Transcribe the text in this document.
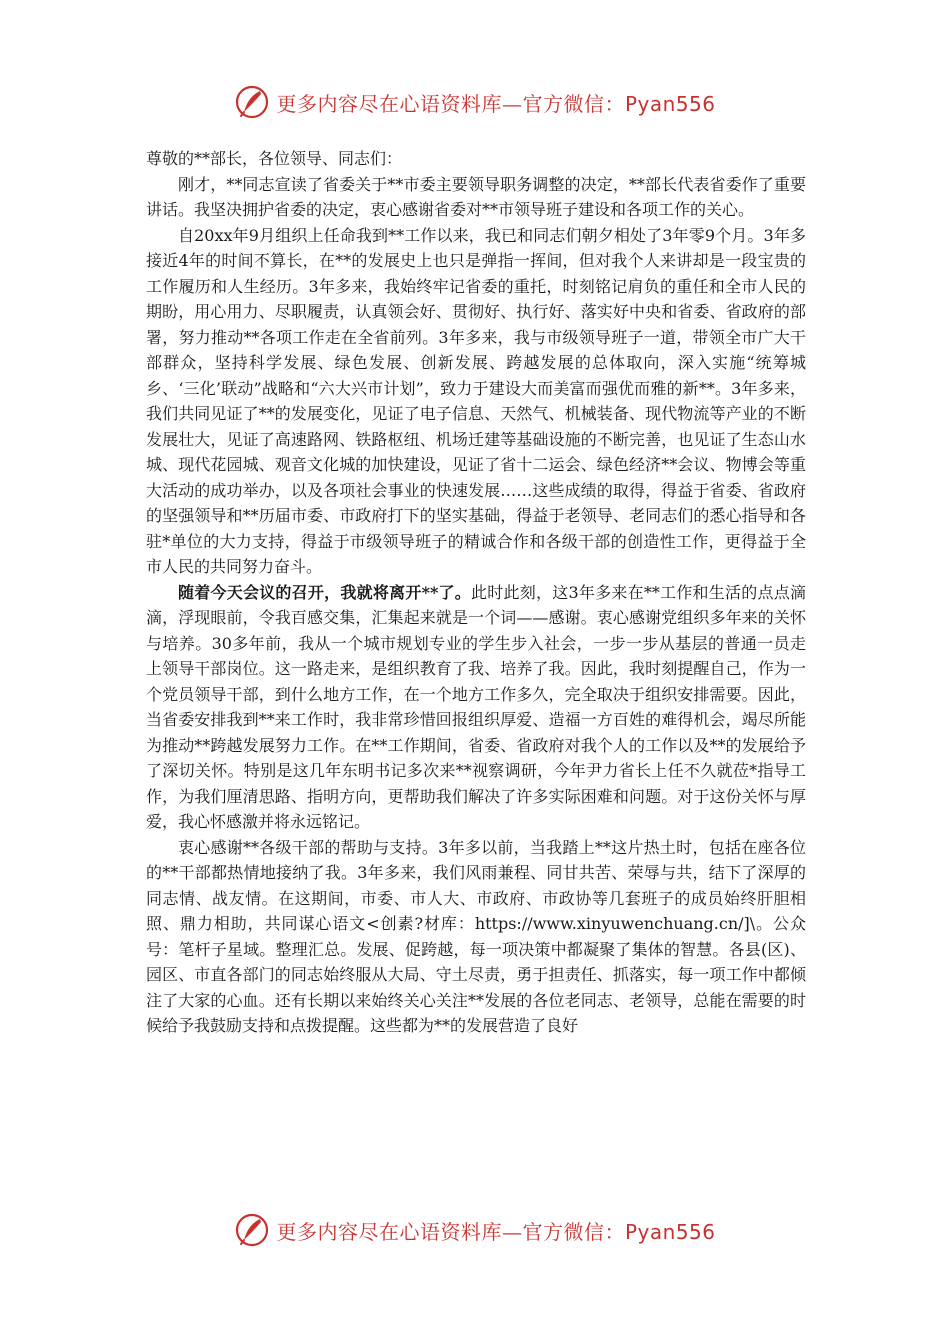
更多内容尽在心语资料库—官方微信：Pyan556

尊敬的**部长，各位领导、同志们：

刚才，**同志宣读了省委关于**市委主要领导职务调整的决定，**部长代表省委作了重要讲话。我坚决拥护省委的决定，衷心感谢省委对**市领导班子建设和各项工作的关心。

自20xx年9月组织上任命我到**工作以来，我已和同志们朝夕相处了3年零9个月。3年多接近4年的时间不算长，在**的发展史上也只是弹指一挥间，但对我个人来讲却是一段宝贵的工作履历和人生经历。3年多来，我始终牢记省委的重托，时刻铭记肩负的重任和全市人民的期盼，用心用力、尽职履责，认真领会好、贯彻好、执行好、落实好中央和省委、省政府的部署，努力推动**各项工作走在全省前列。3年多来，我与市级领导班子一道，带领全市广大干部群众，坚持科学发展、绿色发展、创新发展、跨越发展的总体取向，深入实施“统筹城乡、‘三化’联动”战略和“六大兴市计划”，致力于建设大而美富而强优而雅的新**。3年多来，我们共同见证了**的发展变化，见证了电子信息、天然气、机械装备、现代物流等产业的不断发展壮大，见证了高速路网、铁路枢纽、机场迁建等基础设施的不断完善，也见证了生态山水城、现代花园城、观音文化城的加快建设，见证了省十二运会、绿色经济**会议、物博会等重大活动的成功举办，以及各项社会事业的快速发展……这些成绩的取得，得益于省委、省政府的坚强领导和**历届市委、市政府打下的坚实基础，得益于老领导、老同志们的悉心指导和各驻*单位的大力支持，得益于市级领导班子的精诚合作和各级干部的创造性工作，更得益于全市人民的共同努力奋斗。

随着今天会议的召开，我就将离开**了。此时此刻，这3年多来在**工作和生活的点点滴滴，浮现眼前，令我百感交集，汇集起来就是一个词——感谢。衷心感谢党组织多年来的关怀与培养。30多年前，我从一个城市规划专业的学生步入社会，一步一步从基层的普通一员走上领导干部岗位。这一路走来，是组织教育了我、培养了我。因此，我时刻提醒自己，作为一个党员领导干部，到什么地方工作，在一个地方工作多久，完全取决于组织安排需要。因此，当省委安排我到**来工作时，我非常珍惜回报组织厚爱、造福一方百姓的难得机会，竭尽所能为推动**跨越发展努力工作。在**工作期间，省委、省政府对我个人的工作以及**的发展给予了深切关怀。特别是这几年东明书记多次来**视察调研，今年尹力省长上任不久就莅*指导工作，为我们厘清思路、指明方向，更帮助我们解决了许多实际困难和问题。对于这份关怀与厚爱，我心怀感激并将永远铭记。

衷心感谢**各级干部的帮助与支持。3年多以前，当我踏上**这片热土时，包括在座各位的**干部都热情地接纳了我。3年多来，我们风雨兼程、同甘共苦、荣辱与共，结下了深厚的同志情、战友情。在这期间，市委、市人大、市政府、市政协等几套班子的成员始终肝胆相照、鼎力相助，共同谋心语文<创素?材库：https://www.xinyuwenchuang.cn/]\。公众号：笔杆子星域。整理汇总。发展、促跨越，每一项决策中都凝聚了集体的智慧。各县(区)、园区、市直各部门的同志始终服从大局、守土尽责，勇于担责任、抓落实，每一项工作中都倾注了大家的心血。还有长期以来始终关心关注**发展的各位老同志、老领导，总能在需要的时候给予我鼓励支持和点拨提醒。这些都为**的发展营造了良好

更多内容尽在心语资料库—官方微信：Pyan556
